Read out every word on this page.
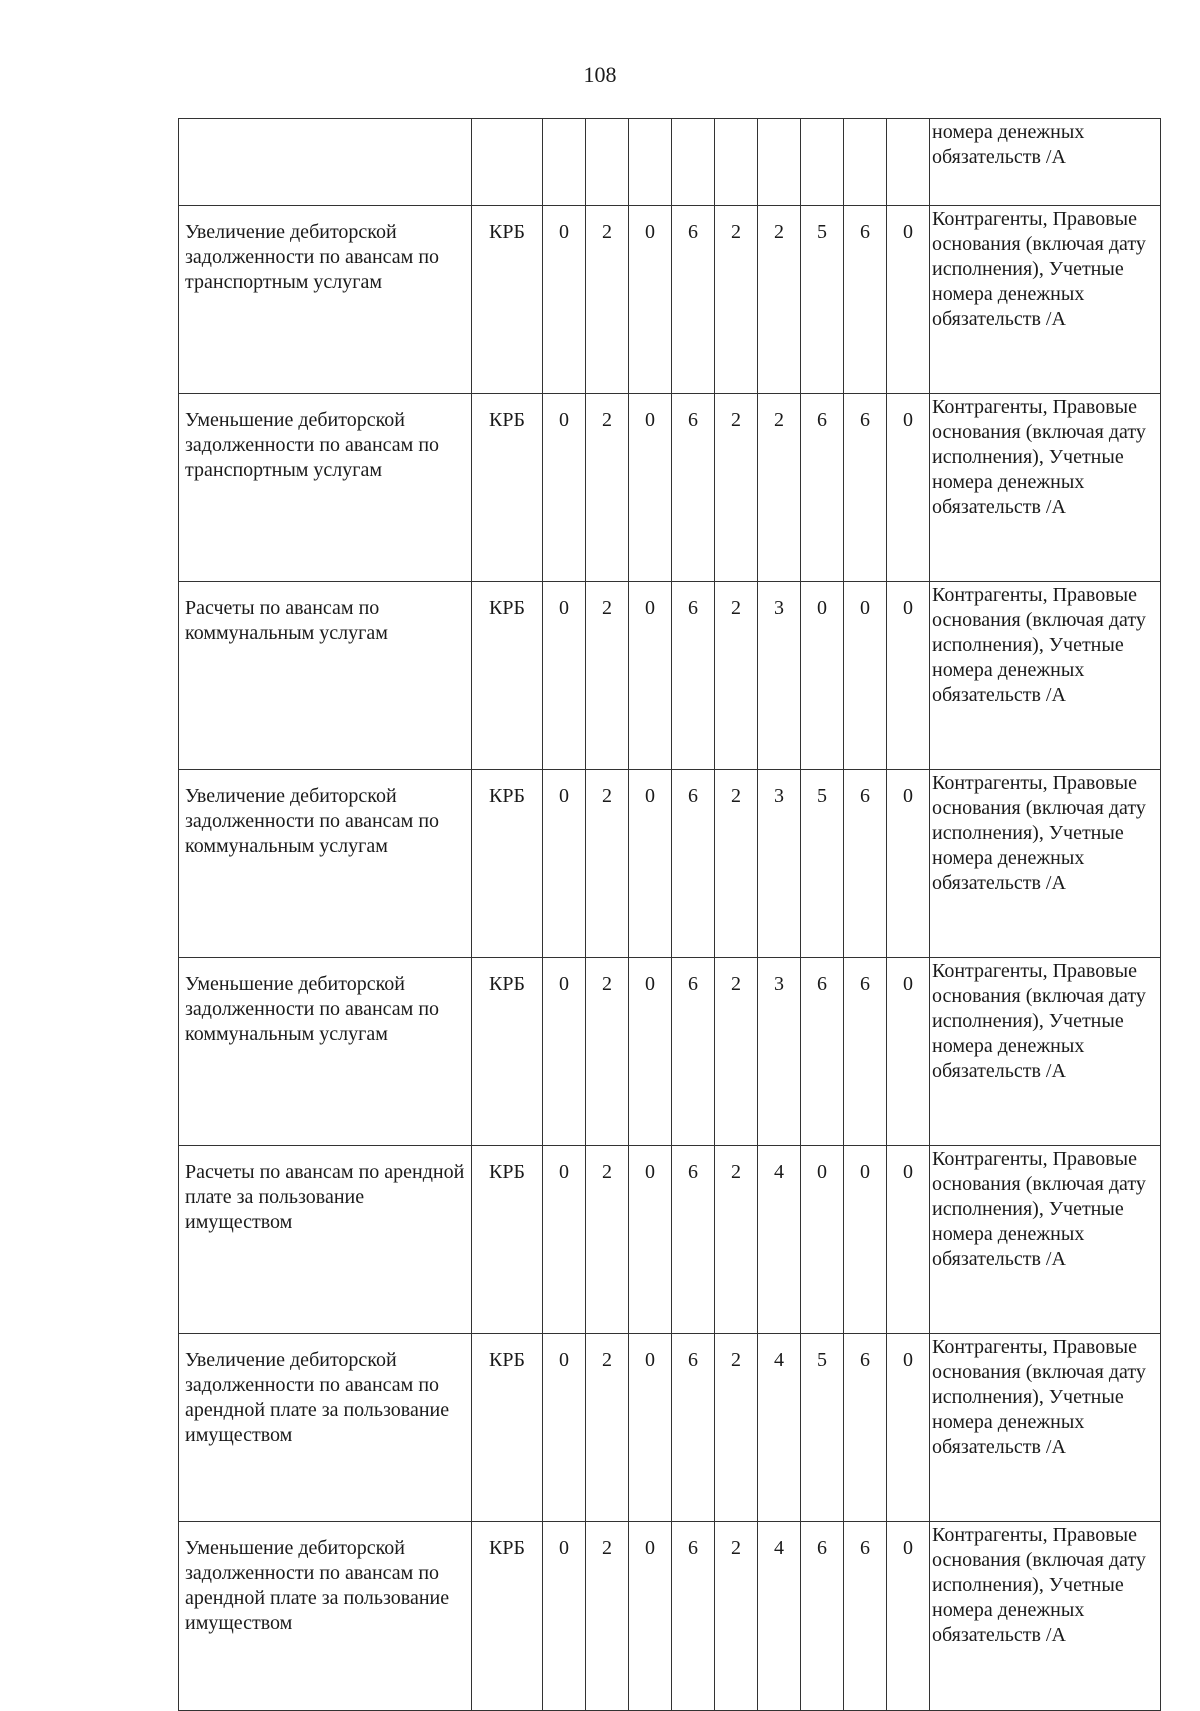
108
											номера денежных обязательств /А
Увеличение дебиторской задолженности по авансам по транспортным услугам	КРБ	0	2	0	6	2	2	5	6	0	Контрагенты, Правовые основания (включая дату исполнения), Учетные номера денежных обязательств /А
Уменьшение дебиторской задолженности по авансам по транспортным услугам	КРБ	0	2	0	6	2	2	6	6	0	Контрагенты, Правовые основания (включая дату исполнения), Учетные номера денежных обязательств /А
Расчеты по авансам по коммунальным услугам	КРБ	0	2	0	6	2	3	0	0	0	Контрагенты, Правовые основания (включая дату исполнения), Учетные номера денежных обязательств /А
Увеличение дебиторской задолженности по авансам по коммунальным услугам	КРБ	0	2	0	6	2	3	5	6	0	Контрагенты, Правовые основания (включая дату исполнения), Учетные номера денежных обязательств /А
Уменьшение дебиторской задолженности по авансам по коммунальным услугам	КРБ	0	2	0	6	2	3	6	6	0	Контрагенты, Правовые основания (включая дату исполнения), Учетные номера денежных обязательств /А
Расчеты по авансам по арендной плате за пользование имуществом	КРБ	0	2	0	6	2	4	0	0	0	Контрагенты, Правовые основания (включая дату исполнения), Учетные номера денежных обязательств /А
Увеличение дебиторской задолженности по авансам по арендной плате за пользование имуществом	КРБ	0	2	0	6	2	4	5	6	0	Контрагенты, Правовые основания (включая дату исполнения), Учетные номера денежных обязательств /А
Уменьшение дебиторской задолженности по авансам по арендной плате за пользование имуществом	КРБ	0	2	0	6	2	4	6	6	0	Контрагенты, Правовые основания (включая дату исполнения), Учетные номера денежных обязательств /А
